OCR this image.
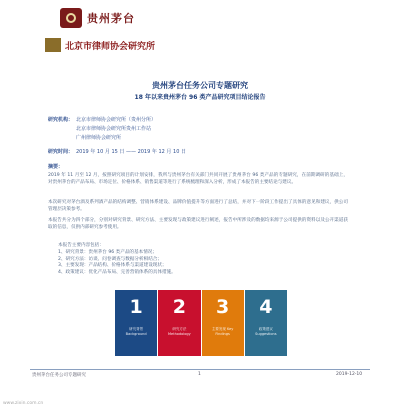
贵州茅台
北京市律师协会研究所
贵州茅台任务公司专题研究
18 年以来贵州茅台 96 类产品研究项目结论报告
研究机构： 北京市律师协会研究所（贵州分所）
北京市律师协会研究所贵州工作站
广州律师协会研究所
研究时间： 2019 年 10 月 15 日 —— 2019 年 12 月 10 日
摘要：
2019 年 11 月至 12 月，按照研究项目的计划安排，我所与贵州茅台有关部门共同开展了贵州茅台 96 类产品的专题研究，在前期调研的基础上，对贵州茅台的产品布局、市场定位、价格体系、销售渠道等进行了系统梳理和深入分析，形成了本报告的主要结论与建议。
本次研究对茅台酒及系列酒产品的结构调整、营销体系建设、品牌价值提升等方面进行了总结，并对下一阶段工作提出了具体的意见和建议，供公司管理层决策参考。
本报告共分为四个部分，分别对研究背景、研究方法、主要发现与政策建议进行阐述，报告中所涉及的数据均来源于公司提供的资料以及公开渠道获取的信息，仅供内部研究参考使用。
本报告主要内容包括：
1、研究背景：贵州茅台 96 类产品的基本情况；
2、研究方法：访谈、问卷调查与数据分析相结合；
3、主要发现：产品结构、价格体系与渠道建设现状；
4、政策建议：优化产品布局、完善营销体系的具体措施。
1
研究背景 Background
2
研究方法 Methodology
3
主要发现 Key Findings
4
政策建议 Suggestions
贵州茅台任务公司专题研究	1	2019-12-10
www.zixin.com.cn
